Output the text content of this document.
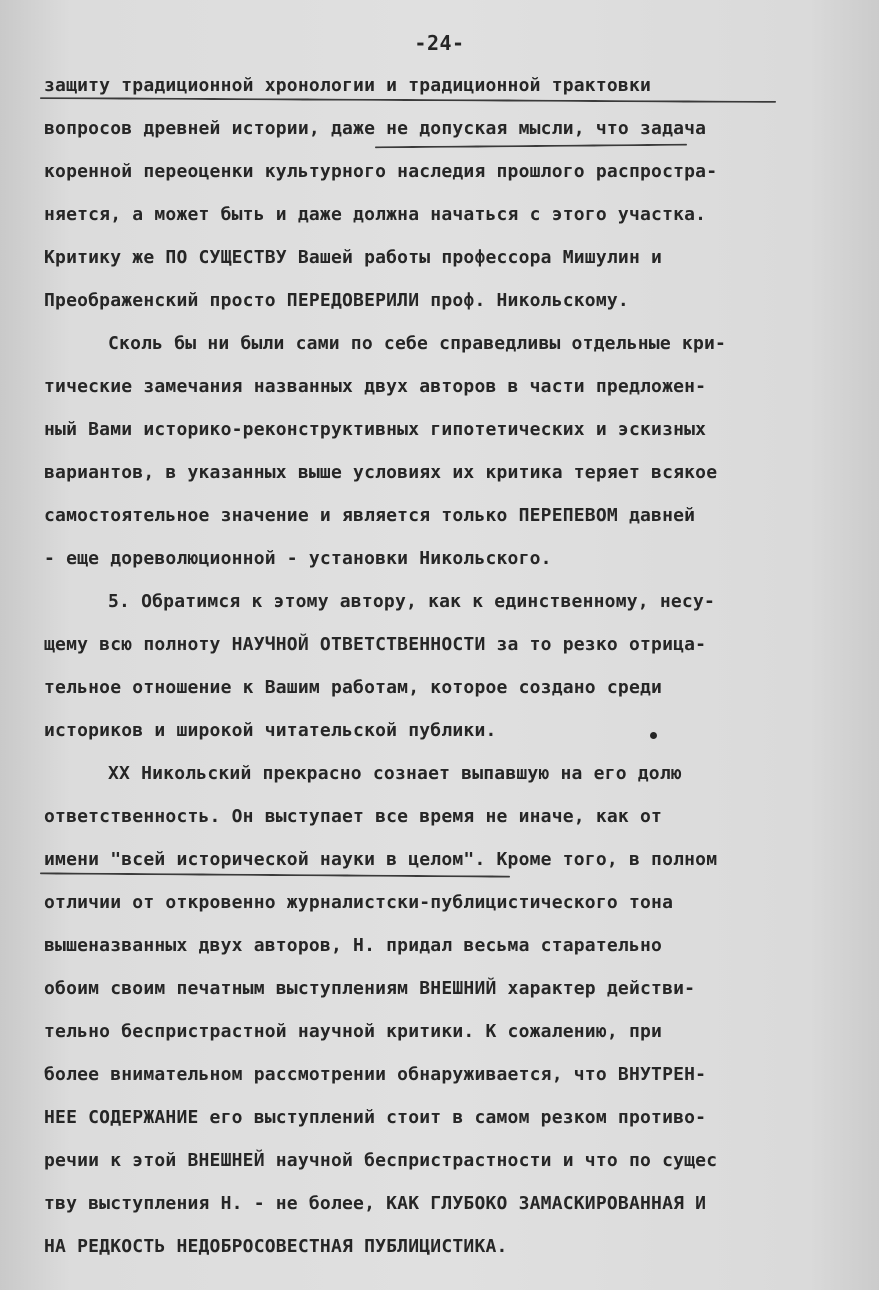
-24-
защиту традиционной хронологии и традиционной трактовки
вопросов древней истории, даже не допуская мысли, что задача
коренной переоценки культурного наследия прошлого распростра-
няется, а может быть и даже должна начаться с этого участка.
Критику же ПО СУЩЕСТВУ Вашей работы профессора Мишулин и
Преображенский просто ПЕРЕДОВЕРИЛИ проф. Никольскому.
Сколь бы ни были сами по себе справедливы отдельные кри-
тические замечания названных двух авторов в части предложен-
ный Вами историко-реконструктивных гипотетических и эскизных
вариантов, в указанных выше условиях их критика теряет всякое
самостоятельное значение и является только ПЕРЕПЕВОМ давней
- еще дореволюционной - установки Никольского.
5. Обратимся к этому автору, как к единственному, несу-
щему всю полноту НАУЧНОЙ ОТВЕТСТВЕННОСТИ за то резко отрица-
тельное отношение к Вашим работам, которое создано среди
историков и широкой читательской публики.
ХХ Никольский прекрасно сознает выпавшую на его долю
ответственность. Он выступает все время не иначе, как от
имени "всей исторической науки в целом". Кроме того, в полном
отличии от откровенно журналистски-публицистического тона
вышеназванных двух авторов, Н. придал весьма старательно
обоим своим печатным выступлениям ВНЕШНИЙ характер действи-
тельно беспристрастной научной критики. К сожалению, при
более внимательном рассмотрении обнаруживается, что ВНУТРЕН-
НЕЕ СОДЕРЖАНИЕ его выступлений стоит в самом резком противо-
речии к этой ВНЕШНЕЙ научной беспристрастности и что по сущес
тву выступления Н. - не более, КАК ГЛУБОКО ЗАМАСКИРОВАННАЯ И
НА РЕДКОСТЬ НЕДОБРОСОВЕСТНАЯ ПУБЛИЦИСТИКА.
